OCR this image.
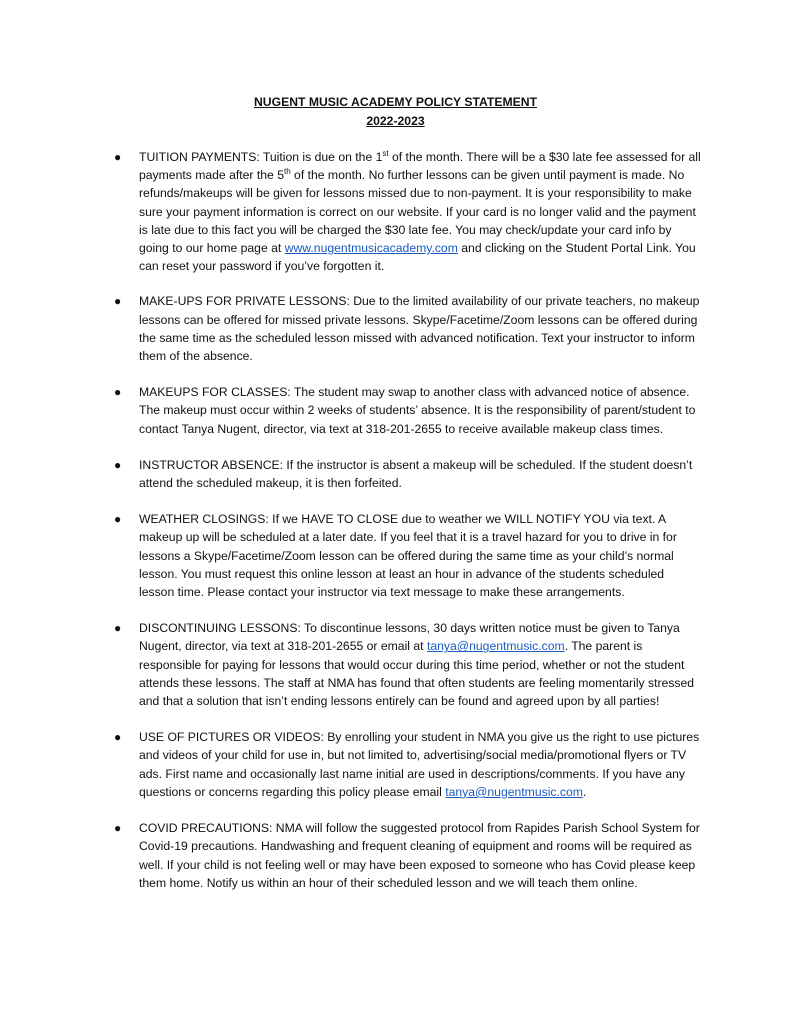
NUGENT MUSIC ACADEMY POLICY STATEMENT
2022-2023
● TUITION PAYMENTS: Tuition is due on the 1st of the month. There will be a $30 late fee assessed for all payments made after the 5th of the month. No further lessons can be given until payment is made. No refunds/makeups will be given for lessons missed due to non-payment. It is your responsibility to make sure your payment information is correct on our website. If your card is no longer valid and the payment is late due to this fact you will be charged the $30 late fee. You may check/update your card info by going to our home page at www.nugentmusicacademy.com and clicking on the Student Portal Link. You can reset your password if you’ve forgotten it.
● MAKE-UPS FOR PRIVATE LESSONS: Due to the limited availability of our private teachers, no makeup lessons can be offered for missed private lessons. Skype/Facetime/Zoom lessons can be offered during the same time as the scheduled lesson missed with advanced notification. Text your instructor to inform them of the absence.
● MAKEUPS FOR CLASSES: The student may swap to another class with advanced notice of absence. The makeup must occur within 2 weeks of students’ absence. It is the responsibility of parent/student to contact Tanya Nugent, director, via text at 318-201-2655 to receive available makeup class times.
● INSTRUCTOR ABSENCE: If the instructor is absent a makeup will be scheduled. If the student doesn’t attend the scheduled makeup, it is then forfeited.
● WEATHER CLOSINGS: If we HAVE TO CLOSE due to weather we WILL NOTIFY YOU via text. A makeup up will be scheduled at a later date. If you feel that it is a travel hazard for you to drive in for lessons a Skype/Facetime/Zoom lesson can be offered during the same time as your child’s normal lesson. You must request this online lesson at least an hour in advance of the students scheduled lesson time. Please contact your instructor via text message to make these arrangements.
● DISCONTINUING LESSONS: To discontinue lessons, 30 days written notice must be given to Tanya Nugent, director, via text at 318-201-2655 or email at tanya@nugentmusic.com. The parent is responsible for paying for lessons that would occur during this time period, whether or not the student attends these lessons. The staff at NMA has found that often students are feeling momentarily stressed and that a solution that isn’t ending lessons entirely can be found and agreed upon by all parties!
● USE OF PICTURES OR VIDEOS: By enrolling your student in NMA you give us the right to use pictures and videos of your child for use in, but not limited to, advertising/social media/promotional flyers or TV ads. First name and occasionally last name initial are used in descriptions/comments. If you have any questions or concerns regarding this policy please email tanya@nugentmusic.com.
● COVID PRECAUTIONS: NMA will follow the suggested protocol from Rapides Parish School System for Covid-19 precautions. Handwashing and frequent cleaning of equipment and rooms will be required as well. If your child is not feeling well or may have been exposed to someone who has Covid please keep them home. Notify us within an hour of their scheduled lesson and we will teach them online.
